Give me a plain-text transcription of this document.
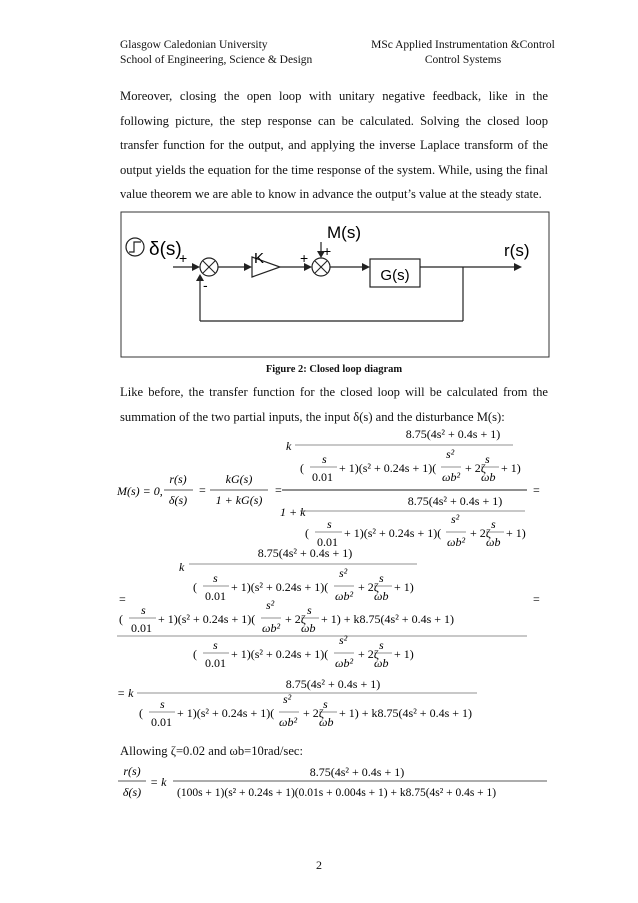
Glasgow Caledonian University
School of Engineering, Science & Design
MSc Applied Instrumentation &Control
Control Systems
Moreover, closing the open loop with unitary negative feedback, like in the following picture, the step response can be calculated. Solving the closed loop transfer function for the output, and applying the inverse Laplace transform of the output yields the equation for the time response of the system. While, using the final value theorem we are able to know in advance the output’s value at the steady state.
δ(s)
+
-
K	+ +
M(s)
G(s)
r(s)
Figure 2: Closed loop diagram
Like before, the transfer function for the closed loop will be calculated from the summation of the two partial inputs, the input δ(s) and the disturbance M(s):
M(s) = 0,
r(s)
δ(s)
=
kG(s)
1 + kG(s)
=
8.75(4s² + 0.4s + 1)
k
s	s²	s
(	+ 1)(s² + 0.24s + 1)( + 2ζ + 1)
0.01	ωb² ωb
=
8.75(4s² + 0.4s + 1)
1 + k
s	s²	s
(	+ 1)(s² + 0.24s + 1)( + 2ζ + 1)
0.01	ωb² ωb
8.75(4s² + 0.4s + 1)
k
s	s²	s
(	+ 1)(s² + 0.24s + 1)( + 2ζ + 1)
0.01	ωb² ωb
=
s	s²	s
(	+ 1)(s² + 0.24s + 1)( + 2ζ + 1) + k8.75(4s² + 0.4s + 1)
0.01	ωb² ωb
=
s	s²	s
(	+ 1)(s² + 0.24s + 1)( + 2ζ + 1)
0.01	ωb² ωb
8.75(4s² + 0.4s + 1)
= k
s	s²	s
(	+ 1)(s² + 0.24s + 1)( + 2ζ + 1) + k8.75(4s² + 0.4s + 1)
0.01	ωb² ωb
Allowing ζ=0.02 and ωb=10rad/sec:
r(s)
δ(s)
= k
8.75(4s² + 0.4s + 1)
(100s + 1)(s² + 0.24s + 1)(0.01s + 0.004s + 1) + k8.75(4s² + 0.4s + 1)
2
